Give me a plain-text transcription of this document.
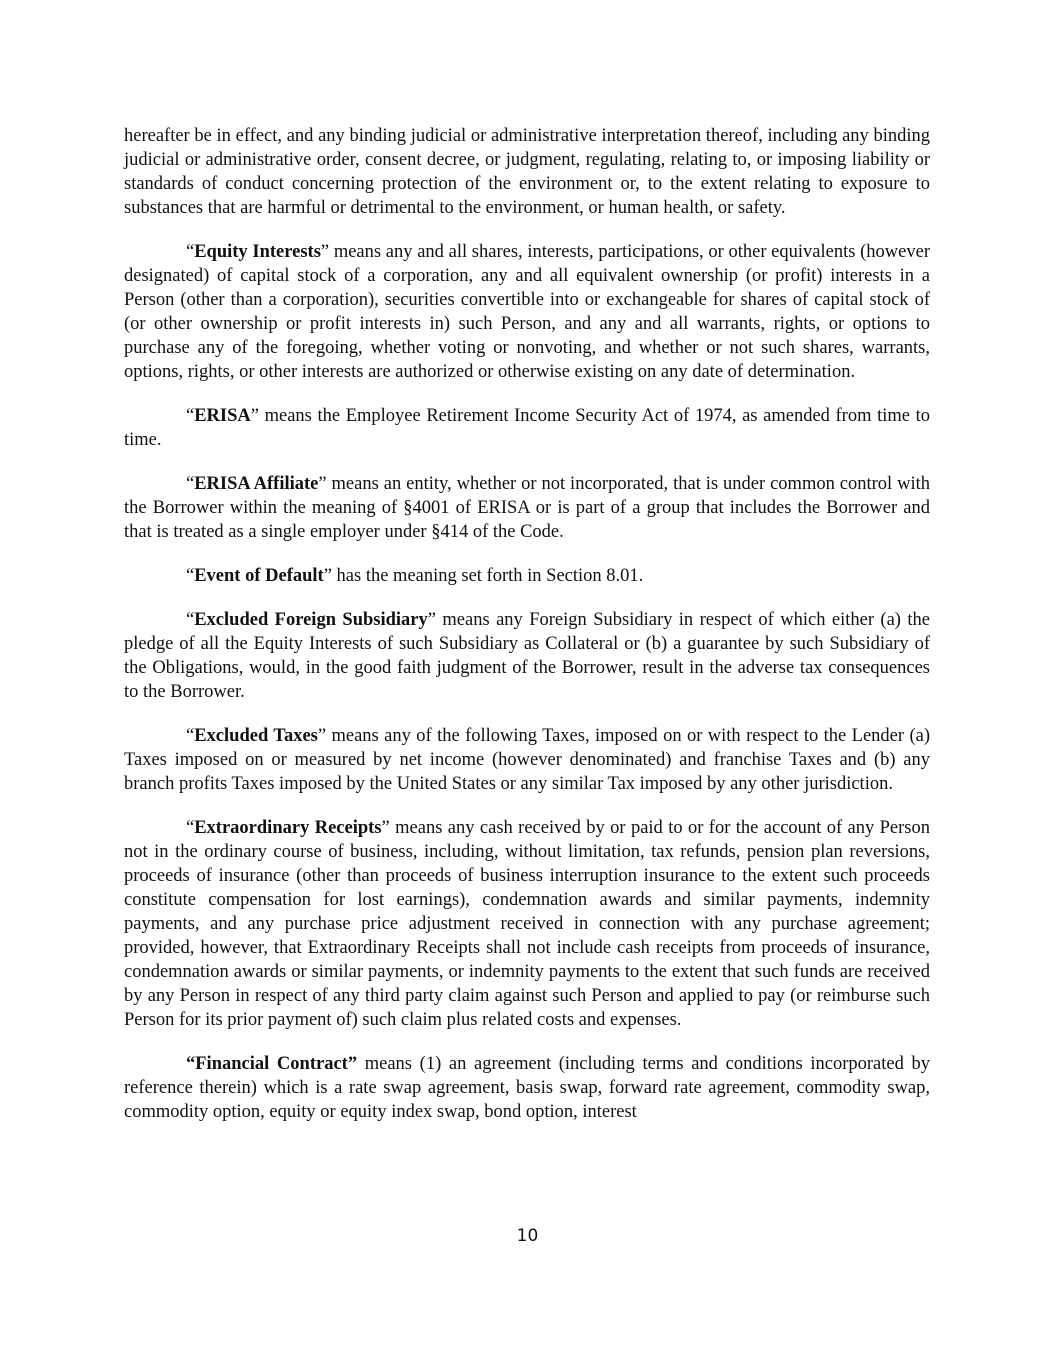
hereafter be in effect, and any binding judicial or administrative interpretation thereof, including any binding judicial or administrative order, consent decree, or judgment, regulating, relating to, or imposing liability or standards of conduct concerning protection of the environment or, to the extent relating to exposure to substances that are harmful or detrimental to the environment, or human health, or safety.

“Equity Interests” means any and all shares, interests, participations, or other equivalents (however designated) of capital stock of a corporation, any and all equivalent ownership (or profit) interests in a Person (other than a corporation), securities convertible into or exchangeable for shares of capital stock of (or other ownership or profit interests in) such Person, and any and all warrants, rights, or options to purchase any of the foregoing, whether voting or nonvoting, and whether or not such shares, warrants, options, rights, or other interests are authorized or otherwise existing on any date of determination.

“ERISA” means the Employee Retirement Income Security Act of 1974, as amended from time to time.

“ERISA Affiliate” means an entity, whether or not incorporated, that is under common control with the Borrower within the meaning of §4001 of ERISA or is part of a group that includes the Borrower and that is treated as a single employer under §414 of the Code.

“Event of Default” has the meaning set forth in Section 8.01.

“Excluded Foreign Subsidiary” means any Foreign Subsidiary in respect of which either (a) the pledge of all the Equity Interests of such Subsidiary as Collateral or (b) a guarantee by such Subsidiary of the Obligations, would, in the good faith judgment of the Borrower, result in the adverse tax consequences to the Borrower.

“Excluded Taxes” means any of the following Taxes, imposed on or with respect to the Lender (a) Taxes imposed on or measured by net income (however denominated) and franchise Taxes and (b) any branch profits Taxes imposed by the United States or any similar Tax imposed by any other jurisdiction.

“Extraordinary Receipts” means any cash received by or paid to or for the account of any Person not in the ordinary course of business, including, without limitation, tax refunds, pension plan reversions, proceeds of insurance (other than proceeds of business interruption insurance to the extent such proceeds constitute compensation for lost earnings), condemnation awards and similar payments, indemnity payments, and any purchase price adjustment received in connection with any purchase agreement; provided, however, that Extraordinary Receipts shall not include cash receipts from proceeds of insurance, condemnation awards or similar payments, or indemnity payments to the extent that such funds are received by any Person in respect of any third party claim against such Person and applied to pay (or reimburse such Person for its prior payment of) such claim plus related costs and expenses.

“Financial Contract” means (1) an agreement (including terms and conditions incorporated by reference therein) which is a rate swap agreement, basis swap, forward rate agreement, commodity swap, commodity option, equity or equity index swap, bond option, interest

10
